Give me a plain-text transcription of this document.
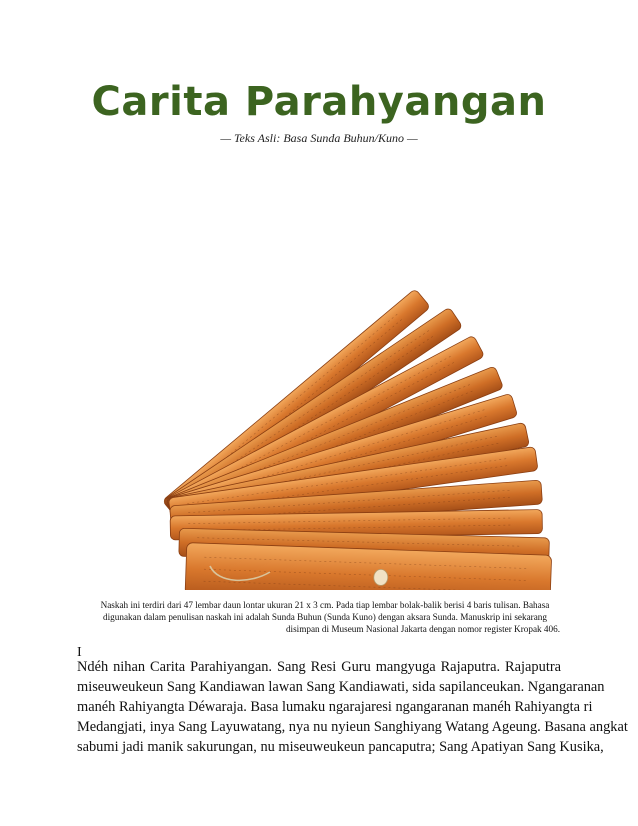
Carita Parahyangan
— Teks Asli: Basa Sunda Buhun/Kuno —
Naskah ini terdiri dari 47 lembar daun lontar ukuran 21 x 3 cm. Pada tiap lembar bolak-balik berisi 4 baris tulisan. Bahasa
digunakan dalam penulisan naskah ini adalah Sunda Buhun (Sunda Kuno) dengan aksara Sunda. Manuskrip ini sekarang
disimpan di Museum Nasional Jakarta dengan nomor register Kropak 406.
I
Ndéh nihan Carita Parahiyangan. Sang Resi Guru mangyuga Rajaputra. Rajaputra
miseuweukeun Sang Kandiawan lawan Sang Kandiawati, sida sapilanceukan. Ngangaranan
manéh Rahiyangta Déwaraja. Basa lumaku ngarajaresi ngangaranan manéh Rahiyangta ri
Medangjati, inya Sang Layuwatang, nya nu nyieun Sanghiyang Watang Ageung. Basana angkat
sabumi jadi manik sakurungan, nu miseuweukeun pancaputra; Sang Apatiyan Sang Kusika,
